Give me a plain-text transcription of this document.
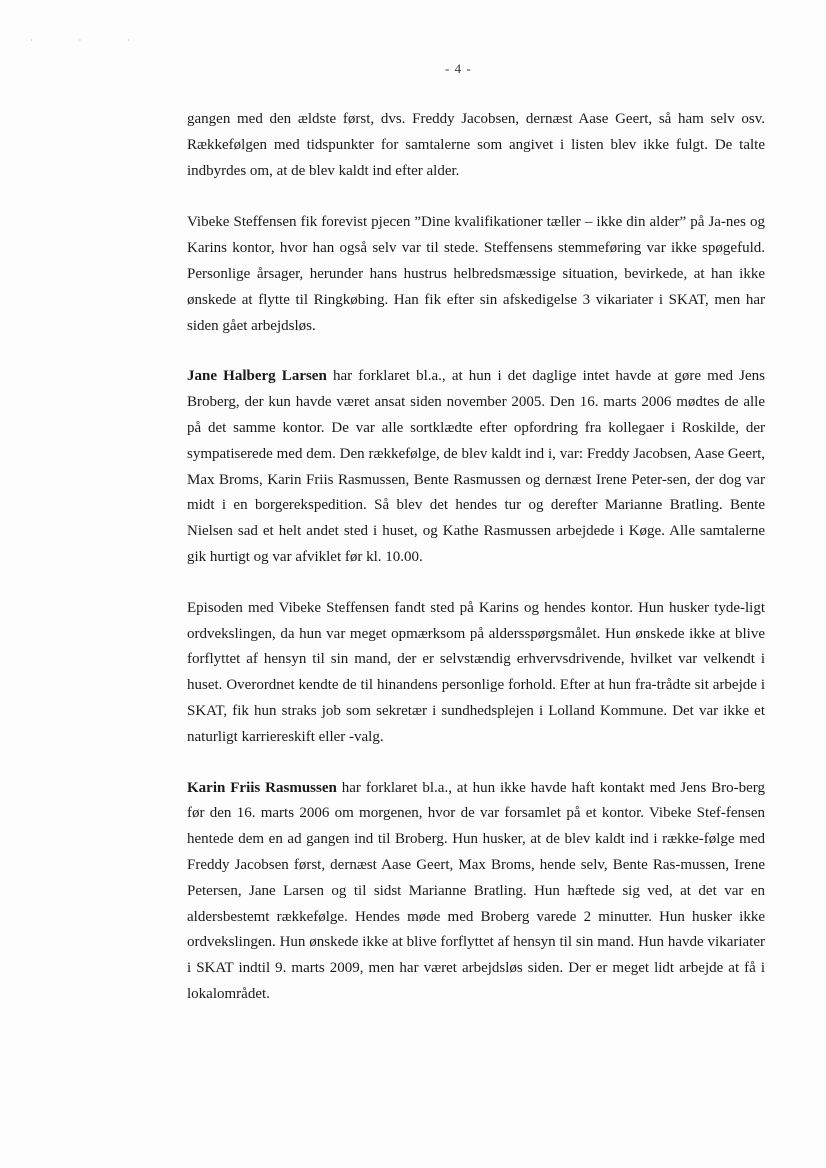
· · ·
- 4 -

gangen med den ældste først, dvs. Freddy Jacobsen, dernæst Aase Geert, så ham selv osv. Rækkefølgen med tidspunkter for samtalerne som angivet i listen blev ikke fulgt. De talte indbyrdes om, at de blev kaldt ind efter alder.

Vibeke Steffensen fik forevist pjecen ”Dine kvalifikationer tæller – ikke din alder” på Ja-nes og Karins kontor, hvor han også selv var til stede. Steffensens stemmeføring var ikke spøgefuld. Personlige årsager, herunder hans hustrus helbredsmæssige situation, bevirkede, at han ikke ønskede at flytte til Ringkøbing. Han fik efter sin afskedigelse 3 vikariater i SKAT, men har siden gået arbejdsløs.

Jane Halberg Larsen har forklaret bl.a., at hun i det daglige intet havde at gøre med Jens Broberg, der kun havde været ansat siden november 2005. Den 16. marts 2006 mødtes de alle på det samme kontor. De var alle sortklædte efter opfordring fra kollegaer i Roskilde, der sympatiserede med dem. Den rækkefølge, de blev kaldt ind i, var: Freddy Jacobsen, Aase Geert, Max Broms, Karin Friis Rasmussen, Bente Rasmussen og dernæst Irene Peter-sen, der dog var midt i en borgerekspedition. Så blev det hendes tur og derefter Marianne Bratling. Bente Nielsen sad et helt andet sted i huset, og Kathe Rasmussen arbejdede i Køge. Alle samtalerne gik hurtigt og var afviklet før kl. 10.00.

Episoden med Vibeke Steffensen fandt sted på Karins og hendes kontor. Hun husker tyde-ligt ordvekslingen, da hun var meget opmærksom på aldersspørgsmålet. Hun ønskede ikke at blive forflyttet af hensyn til sin mand, der er selvstændig erhvervsdrivende, hvilket var velkendt i huset. Overordnet kendte de til hinandens personlige forhold. Efter at hun fra-trådte sit arbejde i SKAT, fik hun straks job som sekretær i sundhedsplejen i Lolland Kommune. Det var ikke et naturligt karriereskift eller -valg.

Karin Friis Rasmussen har forklaret bl.a., at hun ikke havde haft kontakt med Jens Bro-berg før den 16. marts 2006 om morgenen, hvor de var forsamlet på et kontor. Vibeke Stef-fensen hentede dem en ad gangen ind til Broberg. Hun husker, at de blev kaldt ind i række-følge med Freddy Jacobsen først, dernæst Aase Geert, Max Broms, hende selv, Bente Ras-mussen, Irene Petersen, Jane Larsen og til sidst Marianne Bratling. Hun hæftede sig ved, at det var en aldersbestemt rækkefølge. Hendes møde med Broberg varede 2 minutter. Hun husker ikke ordvekslingen. Hun ønskede ikke at blive forflyttet af hensyn til sin mand. Hun havde vikariater i SKAT indtil 9. marts 2009, men har været arbejdsløs siden. Der er meget lidt arbejde at få i lokalområdet.
